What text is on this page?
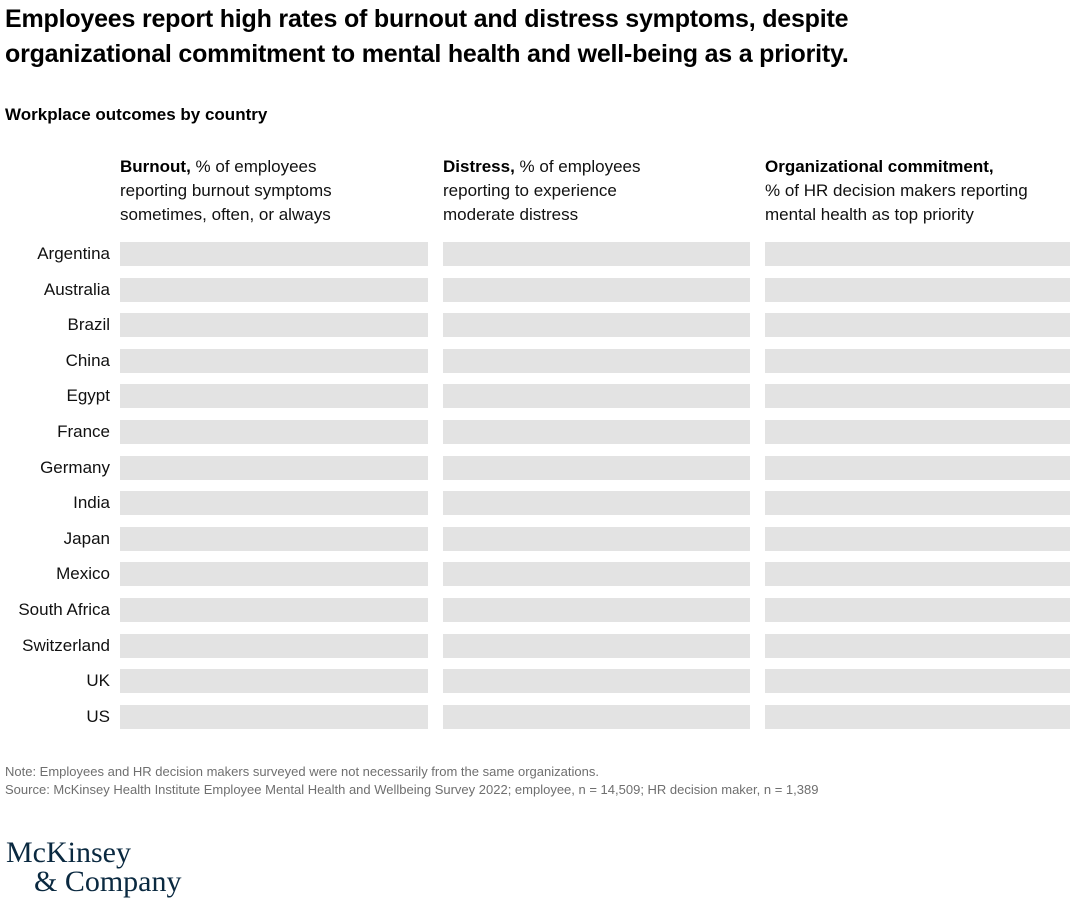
Employees report high rates of burnout and distress symptoms, despite
organizational commitment to mental health and well-being as a priority.
Workplace outcomes by country
Burnout, % of employees
reporting burnout symptoms
sometimes, often, or always
Distress, % of employees
reporting to experience
moderate distress
Organizational commitment,
% of HR decision makers reporting
mental health as top priority
Argentina
Australia
Brazil
China
Egypt
France
Germany
India
Japan
Mexico
South Africa
Switzerland
UK
US
Note: Employees and HR decision makers surveyed were not necessarily from the same organizations.
Source: McKinsey Health Institute Employee Mental Health and Wellbeing Survey 2022; employee, n = 14,509; HR decision maker, n = 1,389
McKinsey
& Company
